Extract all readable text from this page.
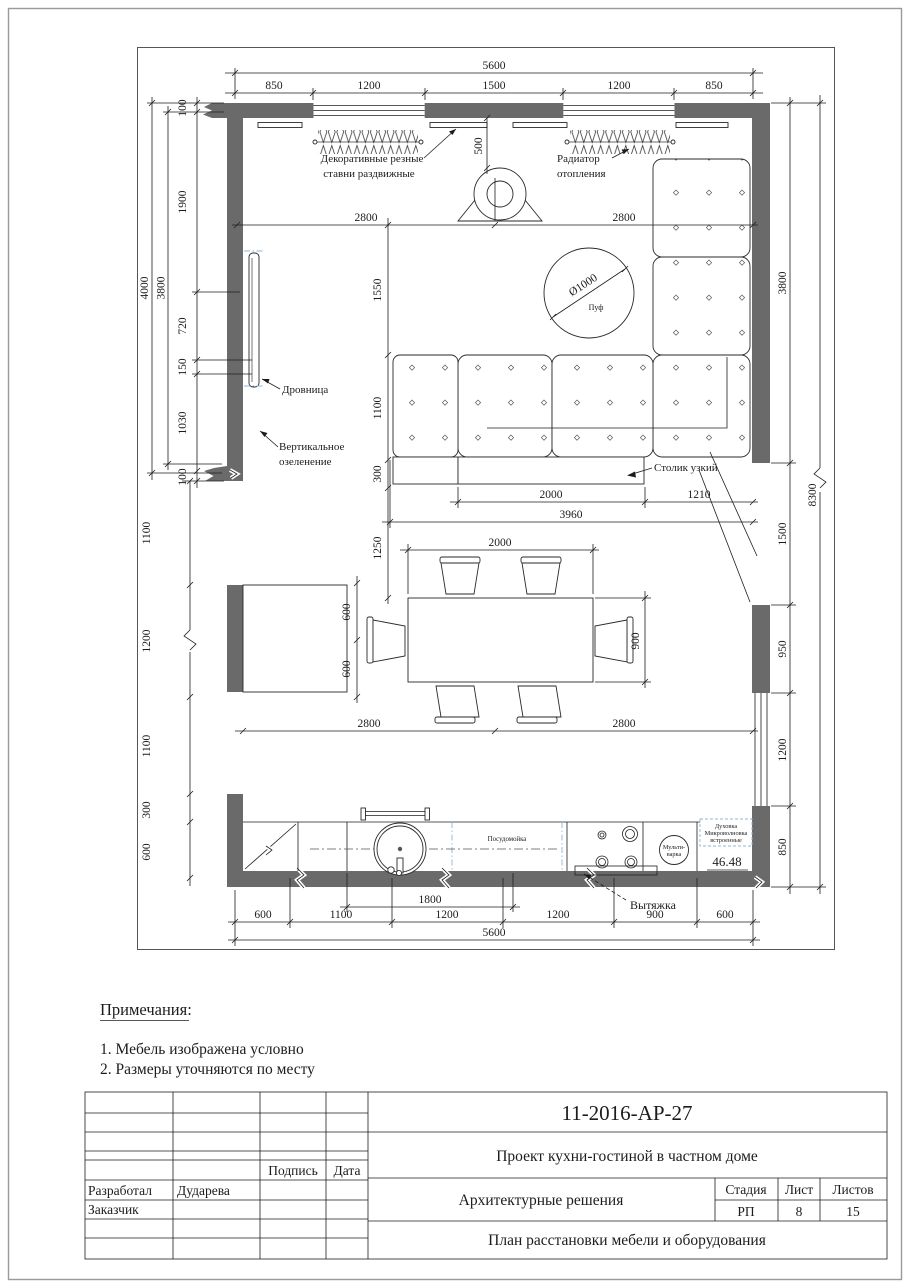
5600
850	1200	1500	1200	850
4000 3800
100
1900
720
150
1030
100
1100
1200
1100
300
600
3800
1500
950
1200
850
8300
500
2800	2800
1550
1100
300
2000	1210
3960
1250	2000
900
600
600
2800	2800
1800
600	1100	1200	1200	900	600
5600
Декоративные резные
ставни раздвижные
Радиатор
отопления
Дровница
Вертикальное
озеленение
Пуф
Ø1000
Столик узкий
Посудомойка
Вытяжка
Мульти-
варка
Духовка
Микроволновка
встроенные
46.48
Примечания:
1. Мебель изображена условно
2. Размеры уточняются по месту
11-2016-АР-27
Проект кухни-гостиной в частном доме
Подпись Дата
Разработал Дударева
Заказчик
Архитектурные решения
Стадия Лист Листов
РП	8	15
План расстановки мебели и оборудования
